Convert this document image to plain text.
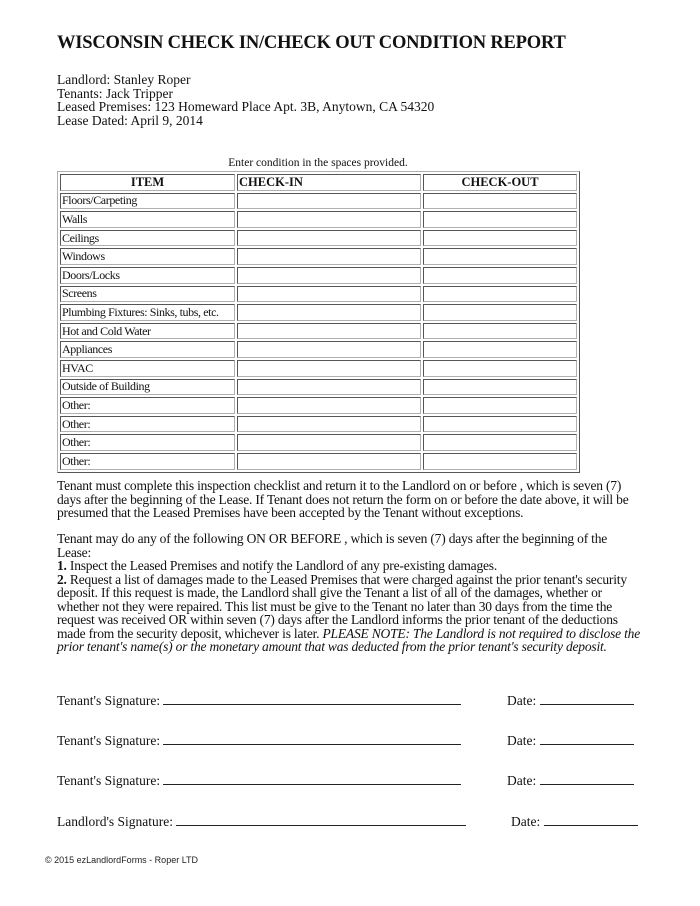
WISCONSIN CHECK IN/CHECK OUT CONDITION REPORT
Landlord: Stanley Roper
Tenants: Jack Tripper
Leased Premises: 123 Homeward Place Apt. 3B, Anytown, CA 54320
Lease Dated: April 9, 2014
Enter condition in the spaces provided.
ITEM	CHECK-IN	CHECK-OUT
Floors/Carpeting		
Walls		
Ceilings		
Windows		
Doors/Locks		
Screens		
Plumbing Fixtures: Sinks, tubs, etc.		
Hot and Cold Water		
Appliances		
HVAC		
Outside of Building		
Other:		
Other:		
Other:		
Other:		
Tenant must complete this inspection checklist and return it to the Landlord on or before , which is seven (7) days after the beginning of the Lease. If Tenant does not return the form on or before the date above, it will be presumed that the Leased Premises have been accepted by the Tenant without exceptions.
Tenant may do any of the following ON OR BEFORE , which is seven (7) days after the beginning of the Lease:
1. Inspect the Leased Premises and notify the Landlord of any pre-existing damages.
2. Request a list of damages made to the Leased Premises that were charged against the prior tenant's security deposit. If this request is made, the Landlord shall give the Tenant a list of all of the damages, whether or whether not they were repaired. This list must be give to the Tenant no later than 30 days from the time the request was received OR within seven (7) days after the Landlord informs the prior tenant of the deductions made from the security deposit, whichever is later. PLEASE NOTE: The Landlord is not required to disclose the prior tenant's name(s) or the monetary amount that was deducted from the prior tenant's security deposit.
Tenant's Signature:	Date:
Tenant's Signature:	Date:
Tenant's Signature:	Date:
Landlord's Signature:	Date:
© 2015 ezLandlordForms - Roper LTD
